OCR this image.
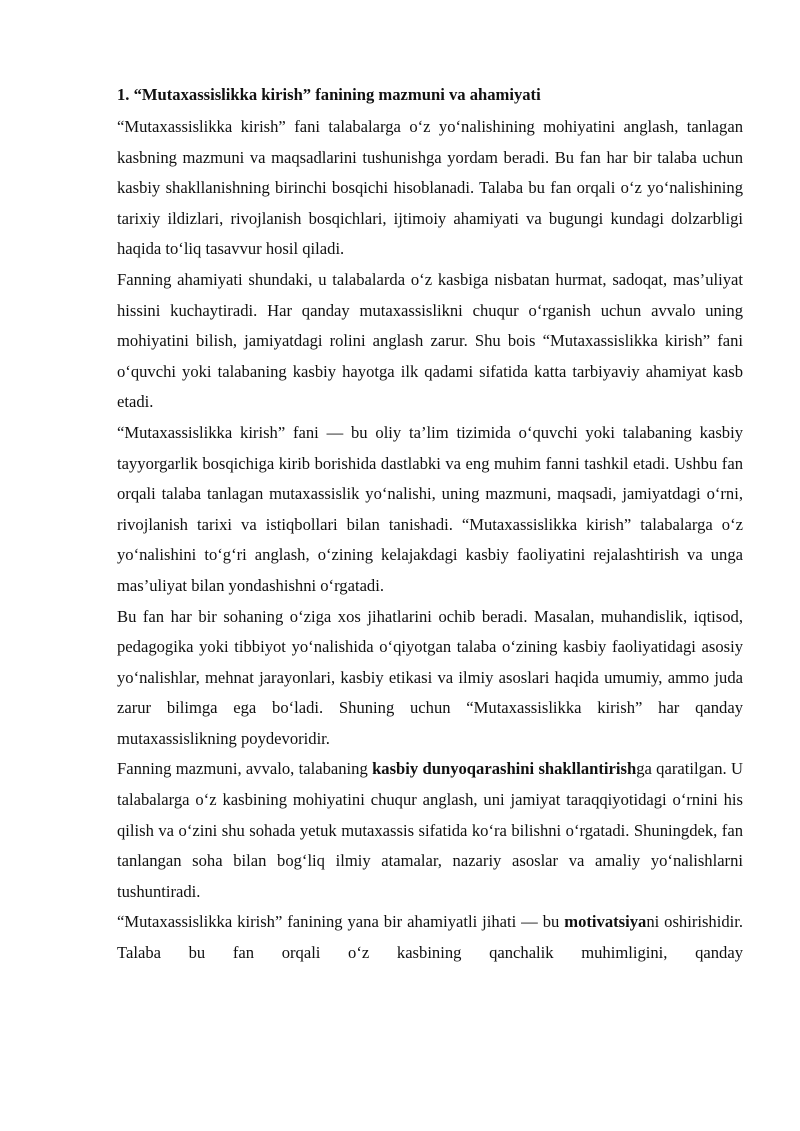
1. “Mutaxassislikka kirish” fanining mazmuni va ahamiyati

“Mutaxassislikka kirish” fani talabalarga o‘z yo‘nalishining mohiyatini anglash, tanlagan kasbning mazmuni va maqsadlarini tushunishga yordam beradi. Bu fan har bir talaba uchun kasbiy shakllanishning birinchi bosqichi hisoblanadi. Talaba bu fan orqali o‘z yo‘nalishining tarixiy ildizlari, rivojlanish bosqichlari, ijtimoiy ahamiyati va bugungi kundagi dolzarbligi haqida to‘liq tasavvur hosil qiladi.

Fanning ahamiyati shundaki, u talabalarda o‘z kasbiga nisbatan hurmat, sadoqat, mas’uliyat hissini kuchaytiradi. Har qanday mutaxassislikni chuqur o‘rganish uchun avvalo uning mohiyatini bilish, jamiyatdagi rolini anglash zarur. Shu bois “Mutaxassislikka kirish” fani o‘quvchi yoki talabaning kasbiy hayotga ilk qadami sifatida katta tarbiyaviy ahamiyat kasb etadi.

“Mutaxassislikka kirish” fani — bu oliy ta’lim tizimida o‘quvchi yoki talabaning kasbiy tayyorgarlik bosqichiga kirib borishida dastlabki va eng muhim fanni tashkil etadi. Ushbu fan orqali talaba tanlagan mutaxassislik yo‘nalishi, uning mazmuni, maqsadi, jamiyatdagi o‘rni, rivojlanish tarixi va istiqbollari bilan tanishadi. “Mutaxassislikka kirish” talabalarga o‘z yo‘nalishini to‘g‘ri anglash, o‘zining kelajakdagi kasbiy faoliyatini rejalashtirish va unga mas’uliyat bilan yondashishni o‘rgatadi.

Bu fan har bir sohaning o‘ziga xos jihatlarini ochib beradi. Masalan, muhandislik, iqtisod, pedagogika yoki tibbiyot yo‘nalishida o‘qiyotgan talaba o‘zining kasbiy faoliyatidagi asosiy yo‘nalishlar, mehnat jarayonlari, kasbiy etikasi va ilmiy asoslari haqida umumiy, ammo juda zarur bilimga ega bo‘ladi. Shuning uchun “Mutaxassislikka kirish” har qanday mutaxassislikning poydevoridir.

Fanning mazmuni, avvalo, talabaning kasbiy dunyoqarashini shakllantirishga qaratilgan. U talabalarga o‘z kasbining mohiyatini chuqur anglash, uni jamiyat taraqqiyotidagi o‘rnini his qilish va o‘zini shu sohada yetuk mutaxassis sifatida ko‘ra bilishni o‘rgatadi. Shuningdek, fan tanlangan soha bilan bog‘liq ilmiy atamalar, nazariy asoslar va amaliy yo‘nalishlarni tushuntiradi.

“Mutaxassislikka kirish” fanining yana bir ahamiyatli jihati — bu motivatsiyani oshirishidir. Talaba bu fan orqali o‘z kasbining qanchalik muhimligini, qanday
